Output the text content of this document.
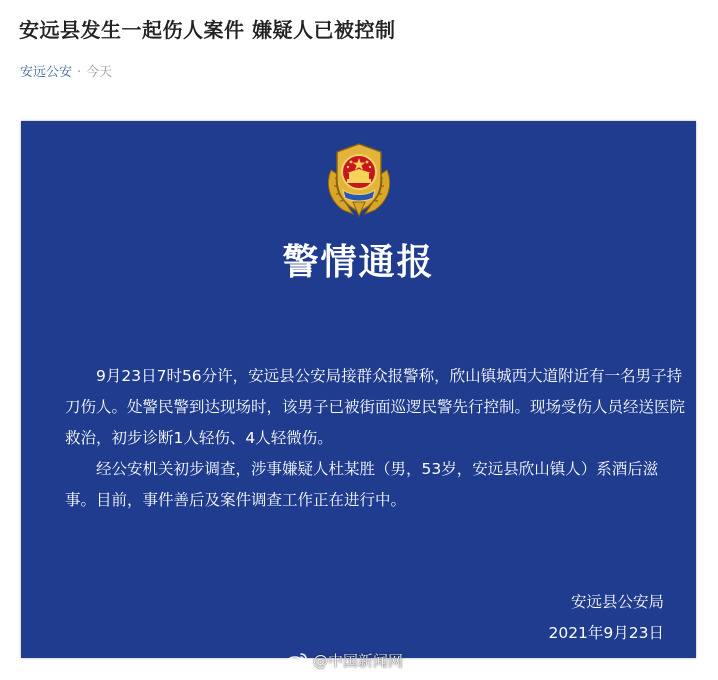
安远县发生一起伤人案件 嫌疑人已被控制
安远公安 · 今天
警情通报

9月23日7时56分许，安远县公安局接群众报警称，欣山镇城西大道附近有一名男子持刀伤人。处警民警到达现场时，该男子已被街面巡逻民警先行控制。现场受伤人员经送医院救治，初步诊断1人轻伤、4人轻微伤。

经公安机关初步调查，涉事嫌疑人杜某胜（男，53岁，安远县欣山镇人）系酒后滋事。目前，事件善后及案件调查工作正在进行中。

安远县公安局
2021年9月23日
@中国新闻网
